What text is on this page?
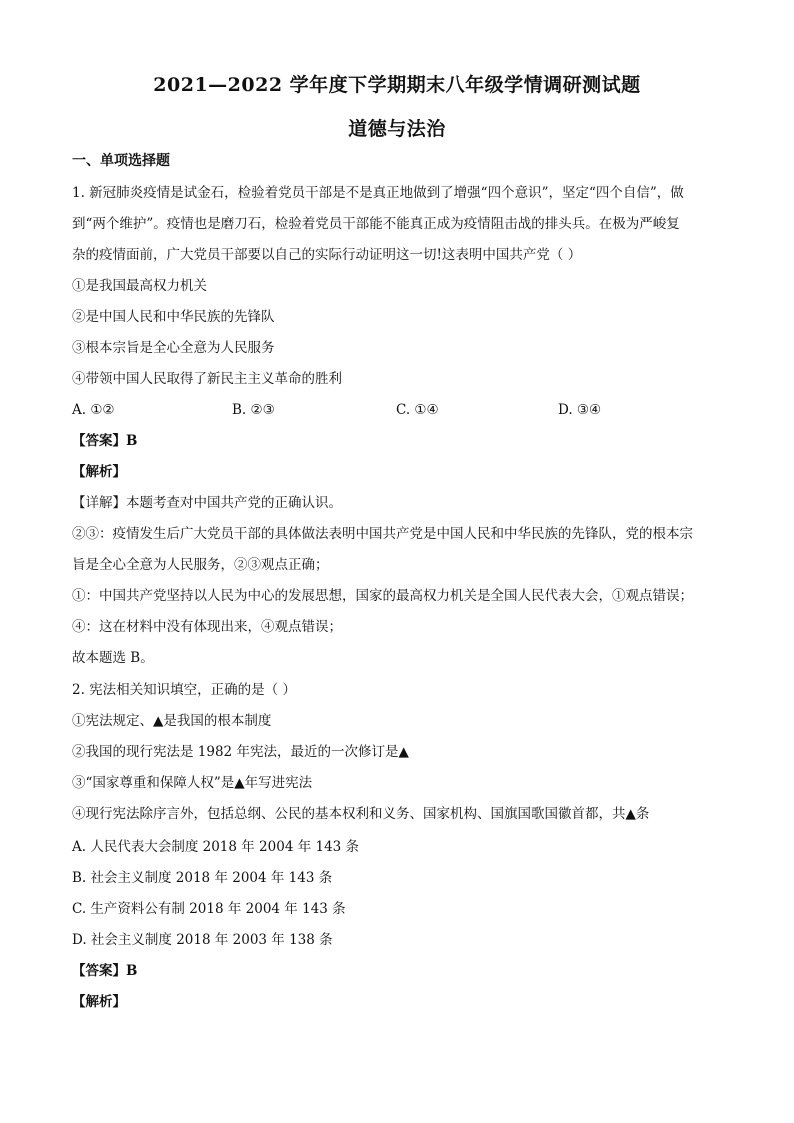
2021—2022 学年度下学期期末八年级学情调研测试题
道德与法治
一、单项选择题
1. 新冠肺炎疫情是试金石，检验着党员干部是不是真正地做到了增强“四个意识”，坚定“四个自信”，做
到“两个维护”。疫情也是磨刀石，检验着党员干部能不能真正成为疫情阻击战的排头兵。在极为严峻复
杂的疫情面前，广大党员干部要以自己的实际行动证明这一切!这表明中国共产党（ ）
①是我国最高权力机关
②是中国人民和中华民族的先锋队
③根本宗旨是全心全意为人民服务
④带领中国人民取得了新民主主义革命的胜利
A. ①②	B. ②③	C. ①④	D. ③④
【答案】B
【解析】
【详解】本题考查对中国共产党的正确认识。
②③：疫情发生后广大党员干部的具体做法表明中国共产党是中国人民和中华民族的先锋队，党的根本宗
旨是全心全意为人民服务，②③观点正确；
①：中国共产党坚持以人民为中心的发展思想，国家的最高权力机关是全国人民代表大会，①观点错误；
④：这在材料中没有体现出来，④观点错误；
故本题选 B。
2. 宪法相关知识填空，正确的是（ ）
①宪法规定、▲是我国的根本制度
②我国的现行宪法是 1982 年宪法，最近的一次修订是▲
③“国家尊重和保障人权”是▲年写进宪法
④现行宪法除序言外，包括总纲、公民的基本权利和义务、国家机构、国旗国歌国徽首都，共▲条
A. 人民代表大会制度 2018 年 2004 年 143 条
B. 社会主义制度 2018 年 2004 年 143 条
C. 生产资料公有制 2018 年 2004 年 143 条
D. 社会主义制度 2018 年 2003 年 138 条
【答案】B
【解析】
